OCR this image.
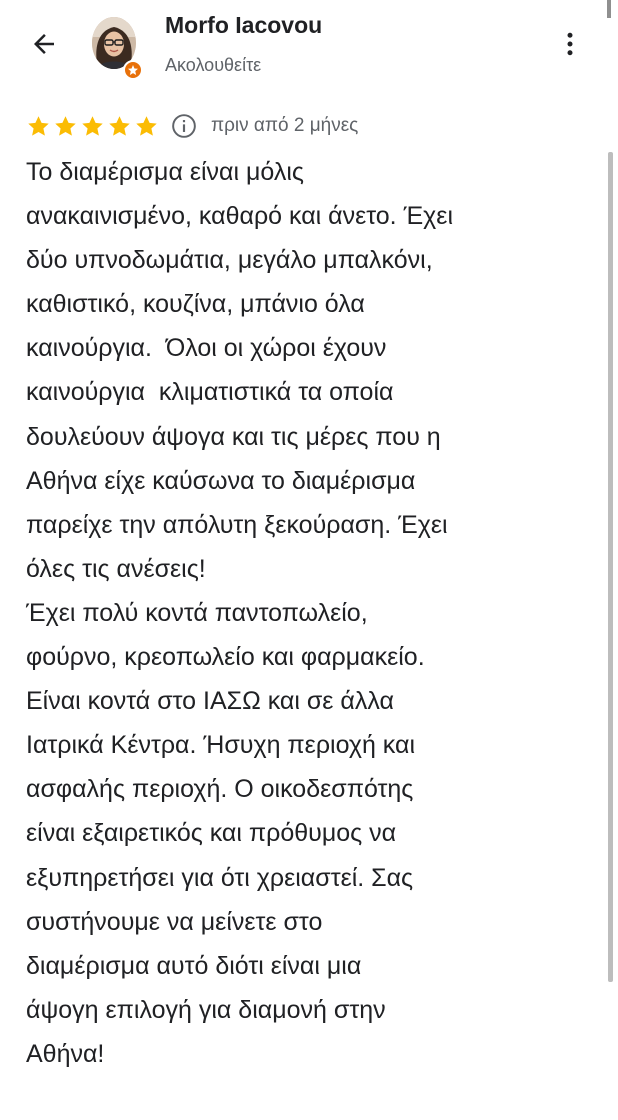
Morfo Iacovou
Ακολουθείτε
πριν από 2 μήνες

Το διαμέρισμα είναι μόλις
ανακαινισμένο, καθαρό και άνετο. Έχει
δύο υπνοδωμάτια, μεγάλο μπαλκόνι,
καθιστικό, κουζίνα, μπάνιο όλα
καινούργια.  Όλοι οι χώροι έχουν
καινούργια  κλιματιστικά τα οποία
δουλεύουν άψογα και τις μέρες που η
Αθήνα είχε καύσωνα το διαμέρισμα
παρείχε την απόλυτη ξεκούραση. Έχει
όλες τις ανέσεις!
Έχει πολύ κοντά παντοπωλείο,
φούρνο, κρεοπωλείο και φαρμακείο.
Είναι κοντά στο ΙΑΣΩ και σε άλλα
Ιατρικά Κέντρα. Ήσυχη περιοχή και
ασφαλής περιοχή. Ο οικοδεσπότης
είναι εξαιρετικός και πρόθυμος να
εξυπηρετήσει για ότι χρειαστεί. Σας
συστήνουμε να μείνετε στο
διαμέρισμα αυτό διότι είναι μια
άψογη επιλογή για διαμονή στην
Αθήνα!
